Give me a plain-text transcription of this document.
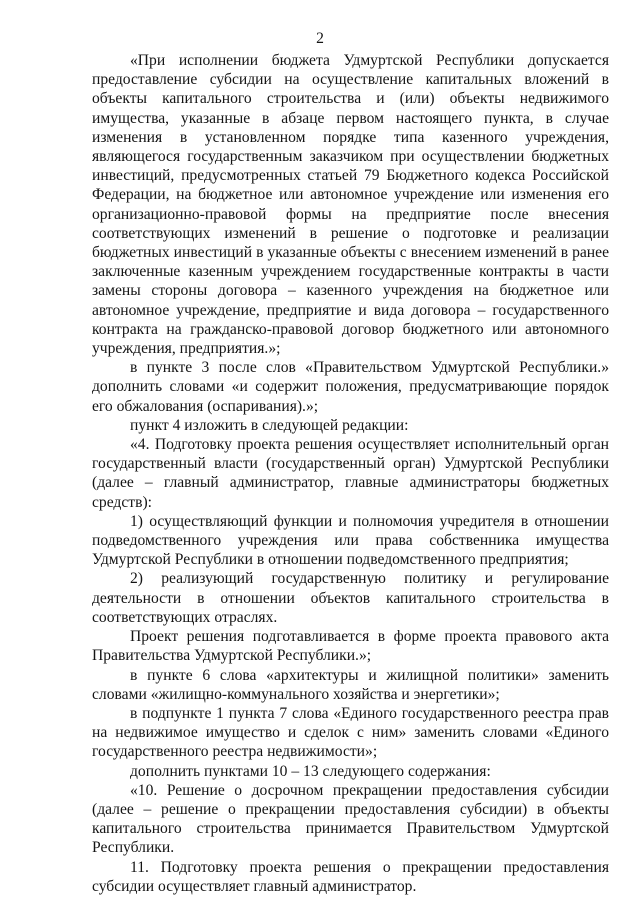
2

«При исполнении бюджета Удмуртской Республики допускается предоставление субсидии на осуществление капитальных вложений в объекты капитального строительства и (или) объекты недвижимого имущества, указанные в абзаце первом настоящего пункта, в случае изменения в установленном порядке типа казенного учреждения, являющегося государственным заказчиком при осуществлении бюджетных инвестиций, предусмотренных статьей 79 Бюджетного кодекса Российской Федерации, на бюджетное или автономное учреждение или изменения его организационно-правовой формы на предприятие после внесения соответствующих изменений в решение о подготовке и реализации бюджетных инвестиций в указанные объекты с внесением изменений в ранее заключенные казенным учреждением государственные контракты в части замены стороны договора – казенного учреждения на бюджетное или автономное учреждение, предприятие и вида договора – государственного контракта на гражданско-правовой договор бюджетного или автономного учреждения, предприятия.»;

в пункте 3 после слов «Правительством Удмуртской Республики.» дополнить словами «и содержит положения, предусматривающие порядок его обжалования (оспаривания).»;

пункт 4 изложить в следующей редакции:

«4. Подготовку проекта решения осуществляет исполнительный орган государственный власти (государственный орган) Удмуртской Республики (далее – главный администратор, главные администраторы бюджетных средств):

1) осуществляющий функции и полномочия учредителя в отношении подведомственного учреждения или права собственника имущества Удмуртской Республики в отношении подведомственного предприятия;

2) реализующий государственную политику и регулирование деятельности в отношении объектов капитального строительства в соответствующих отраслях.

Проект решения подготавливается в форме проекта правового акта Правительства Удмуртской Республики.»;

в пункте 6 слова «архитектуры и жилищной политики» заменить словами «жилищно-коммунального хозяйства и энергетики»;

в подпункте 1 пункта 7 слова «Единого государственного реестра прав на недвижимое имущество и сделок с ним» заменить словами «Единого государственного реестра недвижимости»;

дополнить пунктами 10 – 13 следующего содержания:

«10. Решение о досрочном прекращении предоставления субсидии (далее – решение о прекращении предоставления субсидии) в объекты капитального строительства принимается Правительством Удмуртской Республики.

11. Подготовку проекта решения о прекращении предоставления субсидии осуществляет главный администратор.
